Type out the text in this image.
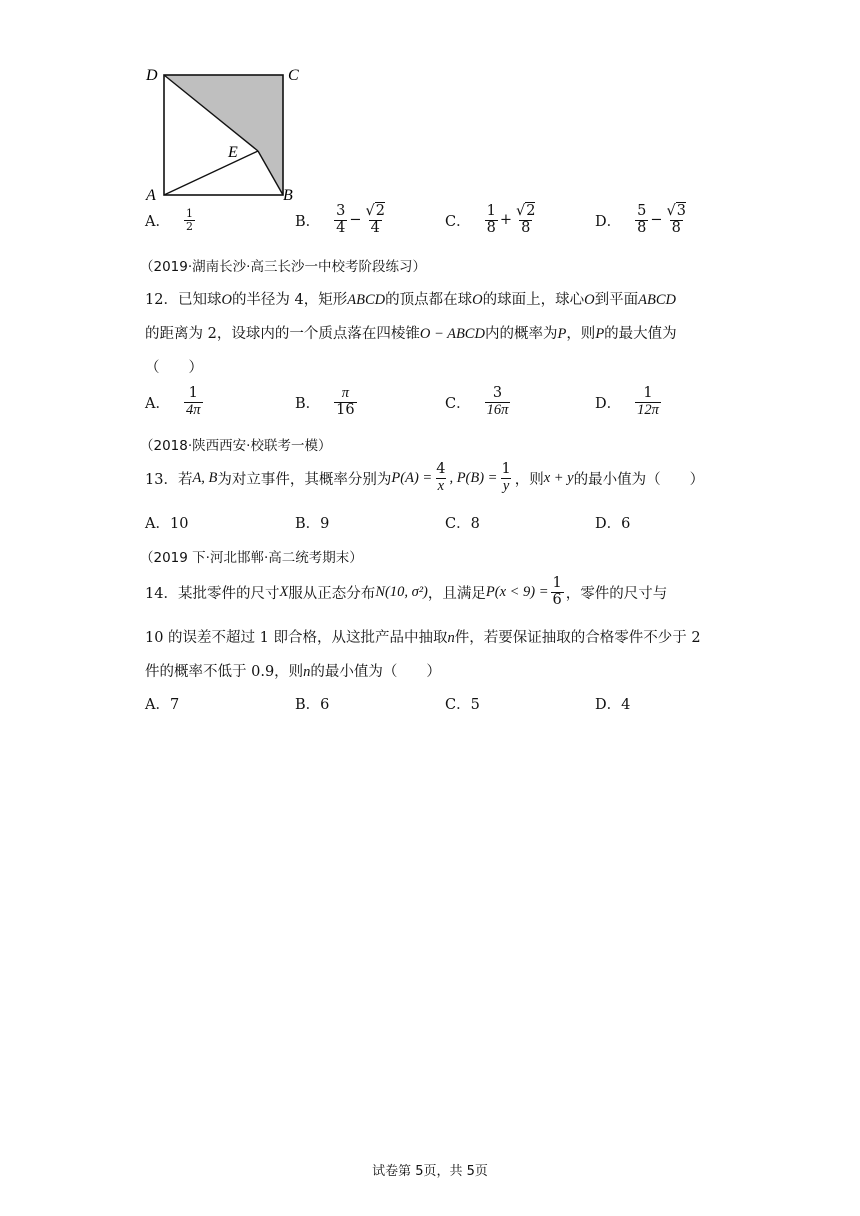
D	C
A	B
E
A． $\frac{1}{2}$	B． $\frac{3}{4} - \frac{√2}{4}$	C． $\frac{1}{8} + \frac{√2}{8}$	D． $\frac{5}{8} - \frac{√3}{8}$
（2019·湖南长沙·高三长沙一中校考阶段练习）
12．已知球O的半径为 4，矩形ABCD的顶点都在球O的球面上，球心O到平面ABCD
的距离为 2，设球内的一个质点落在四棱锥O − ABCD内的概率为P，则P的最大值为
（　　）
A． $\frac{1}{4\pi}$	B． $\frac{\pi}{16}$	C． $\frac{3}{16\pi}$	D． $\frac{1}{12\pi}$
（2018·陕西西安·校联考一模）
13．若 A, B 为对立事件，其概率分别为 $P(A) = \frac{4}{x}$ , $P(B) = \frac{1}{y}$ ，则 x + y 的最小值为（　　）
A．10	B．9	C．8	D．6
（2019 下·河北邯郸·高二统考期末）
14．某批零件的尺寸 X 服从正态分布 N(10, σ²) ，且满足 $P(x < 9) = \frac{1}{6}$ ，零件的尺寸与
10 的误差不超过 1 即合格，从这批产品中抽取n件，若要保证抽取的合格零件不少于 2
件的概率不低于 0.9，则n的最小值为（　　）
A．7	B．6	C．5	D．4
试卷第 5页，共 5页
